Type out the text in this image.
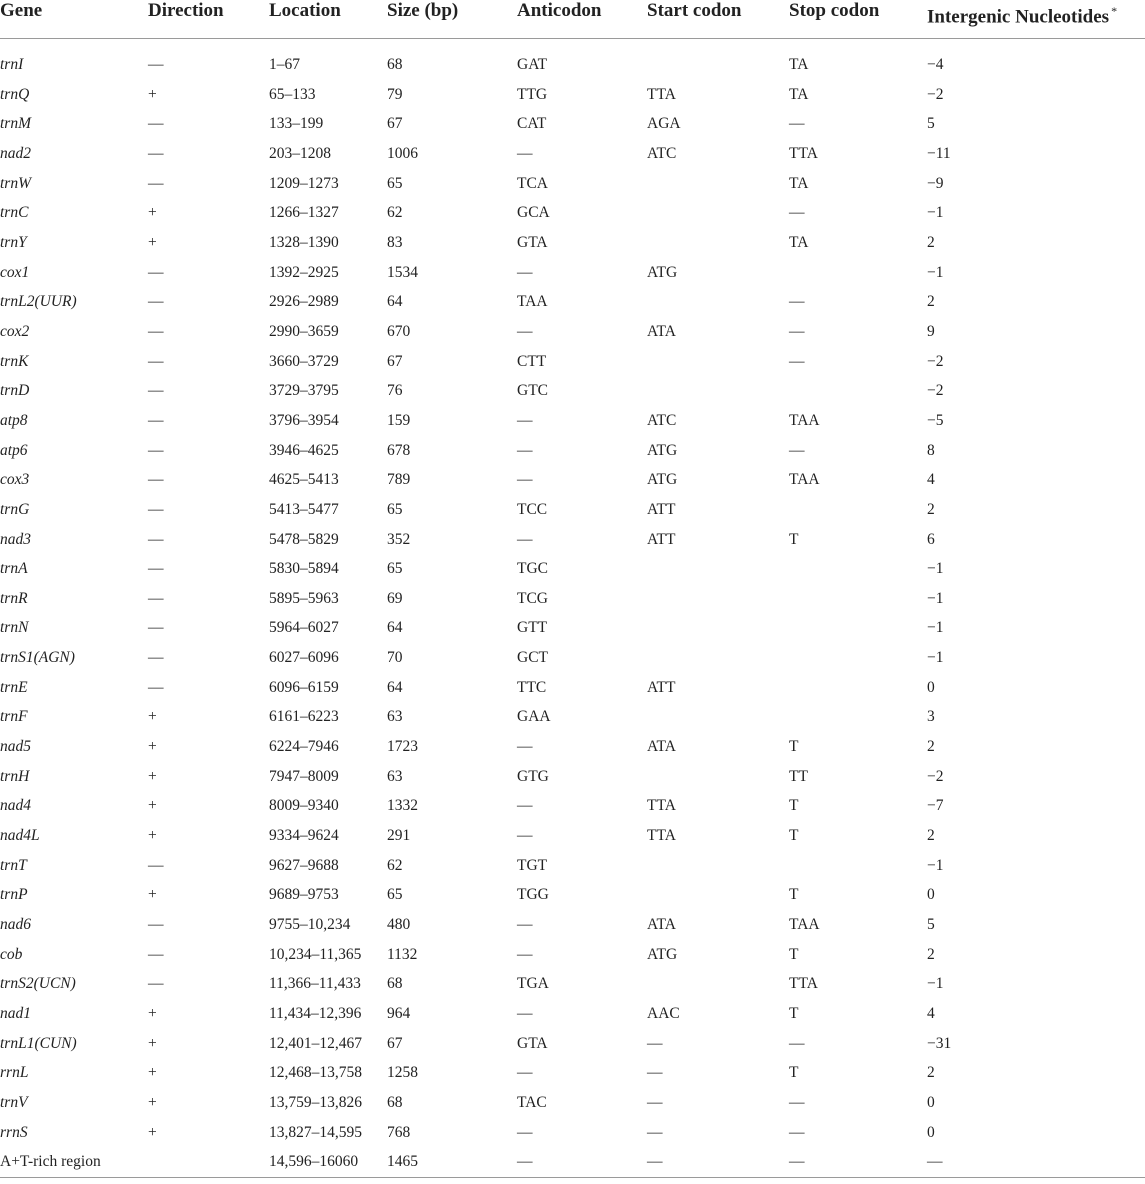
Gene	Direction	Location	Size (bp)	Anticodon	Start codon	Stop codon	Intergenic Nucleotides *

trnI	—	1–67	68	GAT		TA	−4
trnQ	+	65–133	79	TTG	TTA	TA	−2
trnM	—	133–199	67	CAT	AGA	—	5
nad2	—	203–1208	1006	—	ATC	TTA	−11
trnW	—	1209–1273	65	TCA		TA	−9
trnC	+	1266–1327	62	GCA		—	−1
trnY	+	1328–1390	83	GTA		TA	2
cox1	—	1392–2925	1534	—	ATG		−1
trnL2(UUR)	—	2926–2989	64	TAA		—	2
cox2	—	2990–3659	670	—	ATA	—	9
trnK	—	3660–3729	67	CTT		—	−2
trnD	—	3729–3795	76	GTC			−2
atp8	—	3796–3954	159	—	ATC	TAA	−5
atp6	—	3946–4625	678	—	ATG	—	8
cox3	—	4625–5413	789	—	ATG	TAA	4
trnG	—	5413–5477	65	TCC	ATT		2
nad3	—	5478–5829	352	—	ATT	T	6
trnA	—	5830–5894	65	TGC			−1
trnR	—	5895–5963	69	TCG			−1
trnN	—	5964–6027	64	GTT			−1
trnS1(AGN)	—	6027–6096	70	GCT			−1
trnE	—	6096–6159	64	TTC	ATT		0
trnF	+	6161–6223	63	GAA			3
nad5	+	6224–7946	1723	—	ATA	T	2
trnH	+	7947–8009	63	GTG		TT	−2
nad4	+	8009–9340	1332	—	TTA	T	−7
nad4L	+	9334–9624	291	—	TTA	T	2
trnT	—	9627–9688	62	TGT			−1
trnP	+	9689–9753	65	TGG		T	0
nad6	—	9755–10,234	480	—	ATA	TAA	5
cob	—	10,234–11,365	1132	—	ATG	T	2
trnS2(UCN)	—	11,366–11,433	68	TGA		TTA	−1
nad1	+	11,434–12,396	964	—	AAC	T	4
trnL1(CUN)	+	12,401–12,467	67	GTA	—	—	−31
rrnL	+	12,468–13,758	1258	—	—	T	2
trnV	+	13,759–13,826	68	TAC	—	—	0
rrnS	+	13,827–14,595	768	—	—	—	0
A+T-rich region		14,596–16060	1465	—	—	—	—
